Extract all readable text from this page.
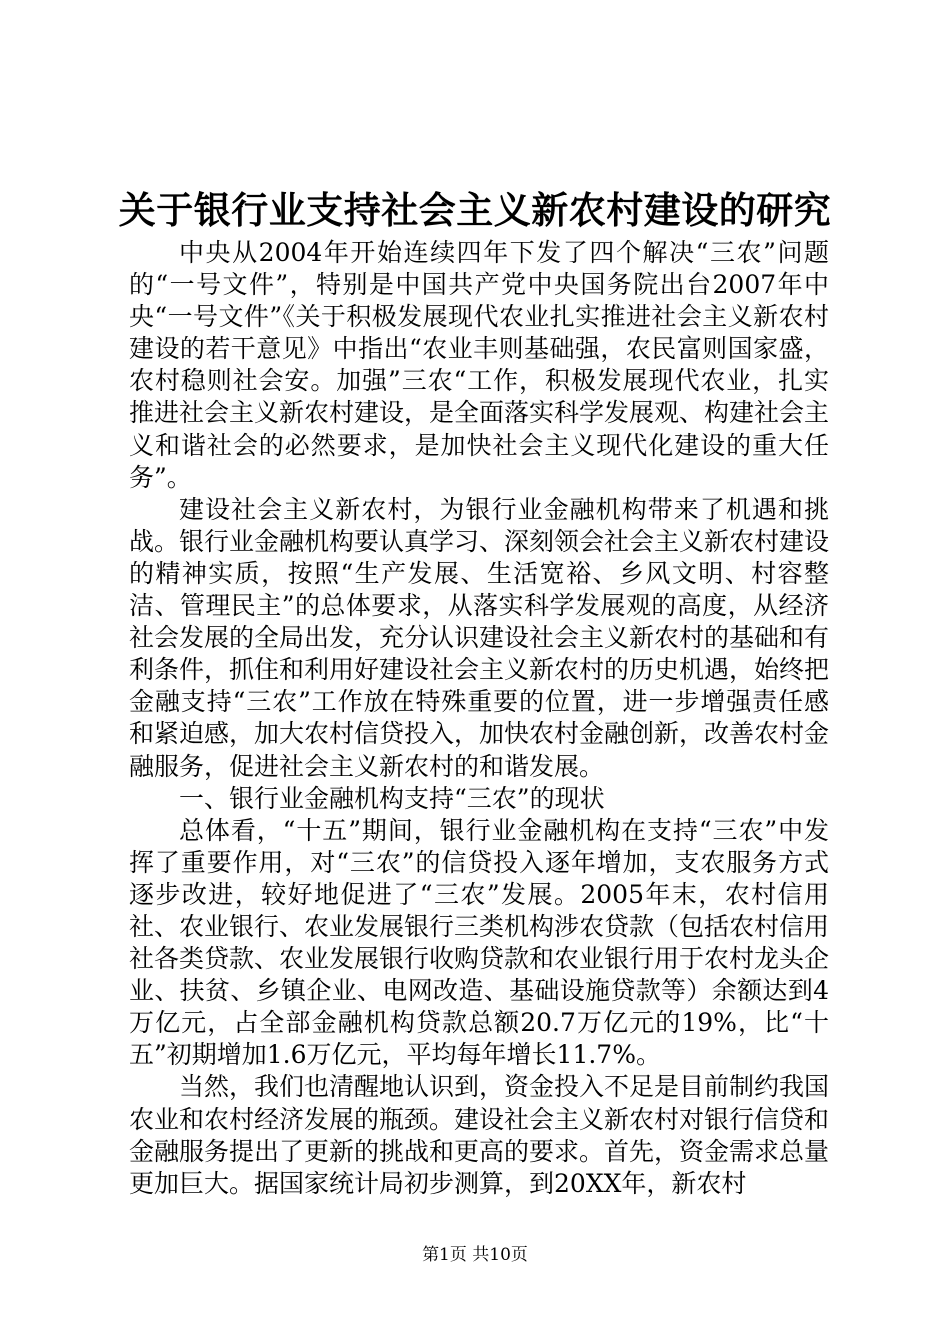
关于银行业支持社会主义新农村建设的研究

中央从2004年开始连续四年下发了四个解决“三农”问题的“一号文件”，特别是中国共产党中央国务院出台2007年中央“一号文件”《关于积极发展现代农业扎实推进社会主义新农村建设的若干意见》中指出“农业丰则基础强，农民富则国家盛，农村稳则社会安。加强”三农“工作，积极发展现代农业，扎实推进社会主义新农村建设，是全面落实科学发展观、构建社会主义和谐社会的必然要求，是加快社会主义现代化建设的重大任务”。

建设社会主义新农村，为银行业金融机构带来了机遇和挑战。银行业金融机构要认真学习、深刻领会社会主义新农村建设的精神实质，按照“生产发展、生活宽裕、乡风文明、村容整洁、管理民主”的总体要求，从落实科学发展观的高度，从经济社会发展的全局出发，充分认识建设社会主义新农村的基础和有利条件，抓住和利用好建设社会主义新农村的历史机遇，始终把金融支持“三农”工作放在特殊重要的位置，进一步增强责任感和紧迫感，加大农村信贷投入，加快农村金融创新，改善农村金融服务，促进社会主义新农村的和谐发展。

一、银行业金融机构支持“三农”的现状

总体看，“十五”期间，银行业金融机构在支持“三农”中发挥了重要作用，对“三农”的信贷投入逐年增加，支农服务方式逐步改进，较好地促进了“三农”发展。2005年末，农村信用社、农业银行、农业发展银行三类机构涉农贷款（包括农村信用社各类贷款、农业发展银行收购贷款和农业银行用于农村龙头企业、扶贫、乡镇企业、电网改造、基础设施贷款等）余额达到4万亿元，占全部金融机构贷款总额20.7万亿元的19%，比“十五”初期增加1.6万亿元，平均每年增长11.7%。

当然，我们也清醒地认识到，资金投入不足是目前制约我国农业和农村经济发展的瓶颈。建设社会主义新农村对银行信贷和金融服务提出了更新的挑战和更高的要求。首先，资金需求总量更加巨大。据国家统计局初步测算，到20XX年，新农村

第1页 共10页
